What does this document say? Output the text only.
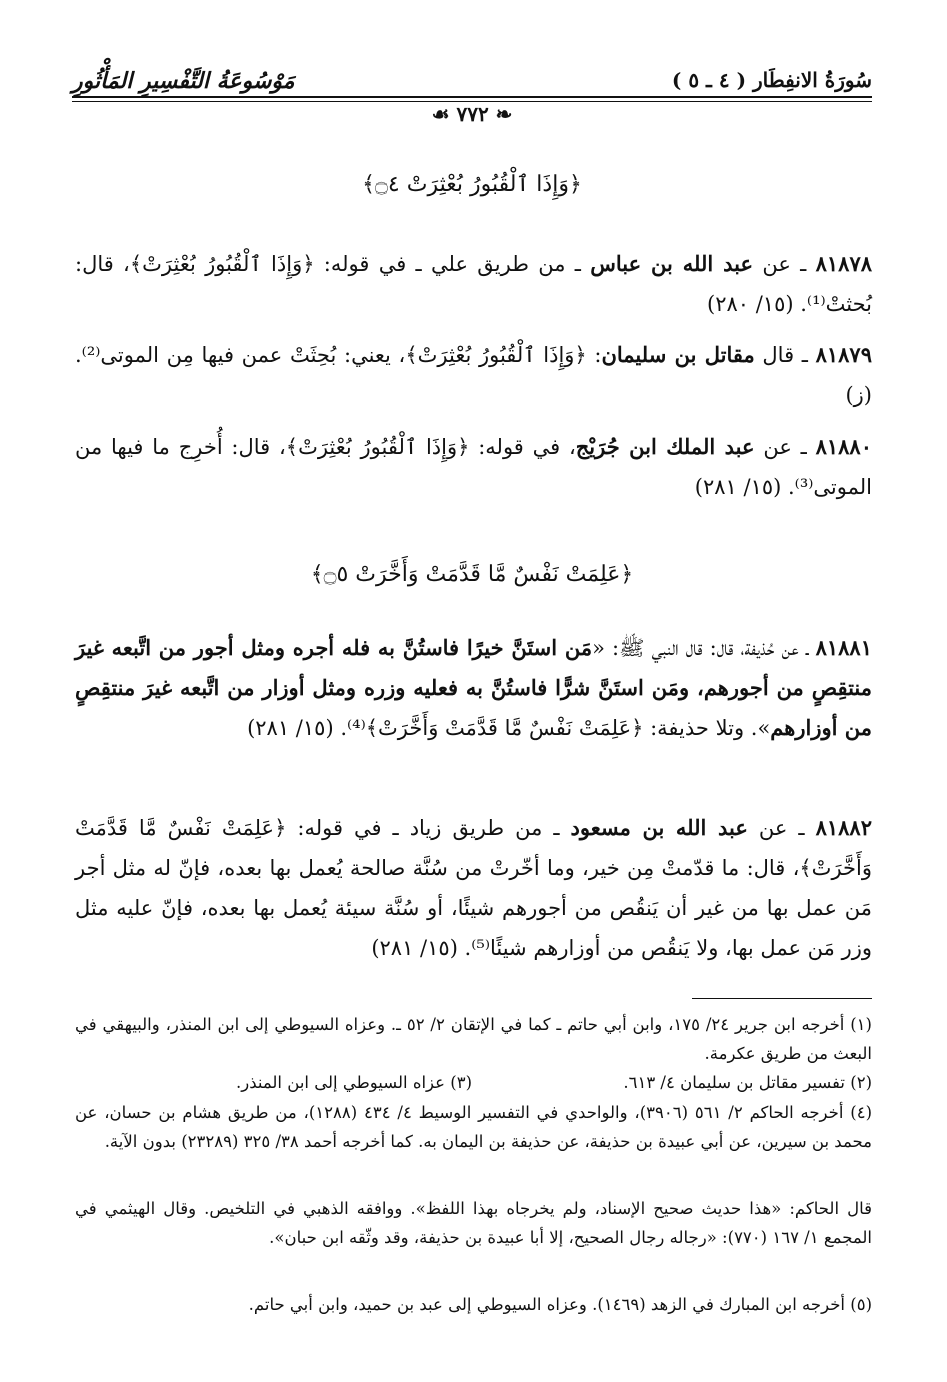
سُورَةُ الانفِطَار ( ٤ ـ ٥ )
مَوْسُوعَةُ التَّفْسِيرِ المَأْثُورِ
❧ ٧٧٢ ☙
﴿وَإِذَا ٱلْقُبُورُ بُعْثِرَتْ ۝٤﴾
٨١٨٧٨ ـ عن عبد الله بن عباس ـ من طريق علي ـ في قوله: ﴿وَإِذَا ٱلْقُبُورُ بُعْثِرَتْ﴾، قال: بُحثتْ⁽¹⁾. (١٥/ ٢٨٠)
٨١٨٧٩ ـ قال مقاتل بن سليمان: ﴿وَإِذَا ٱلْقُبُورُ بُعْثِرَتْ﴾، يعني: بُحِثَتْ عمن فيها مِن الموتى⁽²⁾. (ز)
٨١٨٨٠ ـ عن عبد الملك ابن جُرَيْج، في قوله: ﴿وَإِذَا ٱلْقُبُورُ بُعْثِرَتْ﴾، قال: أُخرِج ما فيها من الموتى⁽³⁾. (١٥/ ٢٨١)
﴿عَلِمَتْ نَفْسٌ مَّا قَدَّمَتْ وَأَخَّرَتْ ۝٥﴾
٨١٨٨١ ـ عن حُذيفة، قال: قال النبي ﷺ: «مَن استَنَّ خيرًا فاستُنَّ به فله أجره ومثل أجور من اتَّبعه غيرَ منتقِصٍ من أجورهم، ومَن استَنَّ شرًّا فاستُنَّ به فعليه وزره ومثل أوزار من اتَّبعه غيرَ منتقِصٍ من أوزارهم». وتلا حذيفة: ﴿عَلِمَتْ نَفْسٌ مَّا قَدَّمَتْ وَأَخَّرَتْ﴾⁽⁴⁾. (١٥/ ٢٨١)
٨١٨٨٢ ـ عن عبد الله بن مسعود ـ من طريق زياد ـ في قوله: ﴿عَلِمَتْ نَفْسٌ مَّا قَدَّمَتْ وَأَخَّرَتْ﴾، قال: ما قدّمتْ مِن خير، وما أخّرتْ من سُنَّة صالحة يُعمل بها بعده، فإنّ له مثل أجر مَن عمل بها من غير أن يَنقُص من أجورهم شيئًا، أو سُنَّة سيئة يُعمل بها بعده، فإنّ عليه مثل وزر مَن عمل بها، ولا يَنقُص من أوزارهم شيئًا⁽⁵⁾. (١٥/ ٢٨١)
(١) أخرجه ابن جرير ٢٤/ ١٧٥، وابن أبي حاتم ـ كما في الإتقان ٢/ ٥٢ ـ. وعزاه السيوطي إلى ابن المنذر، والبيهقي في البعث من طريق عكرمة.
(٢) تفسير مقاتل بن سليمان ٤/ ٦١٣.
(٣) عزاه السيوطي إلى ابن المنذر.
(٤) أخرجه الحاكم ٢/ ٥٦١ (٣٩٠٦)، والواحدي في التفسير الوسيط ٤/ ٤٣٤ (١٢٨٨)، من طريق هشام بن حسان، عن محمد بن سيرين، عن أبي عبيدة بن حذيفة، عن حذيفة بن اليمان به. كما أخرجه أحمد ٣٨/ ٣٢٥ (٢٣٢٨٩) بدون الآية.
قال الحاكم: «هذا حديث صحيح الإسناد، ولم يخرجاه بهذا اللفظ». ووافقه الذهبي في التلخيص. وقال الهيثمي في المجمع ١/ ١٦٧ (٧٧٠): «رجاله رجال الصحيح، إلا أبا عبيدة بن حذيفة، وقد وثّقه ابن حبان».
(٥) أخرجه ابن المبارك في الزهد (١٤٦٩). وعزاه السيوطي إلى عبد بن حميد، وابن أبي حاتم.
